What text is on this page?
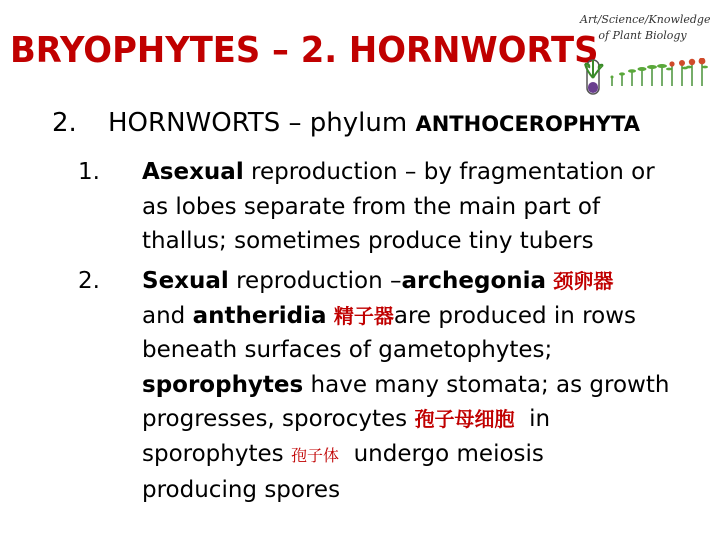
BRYOPHYTES – 2. HORNWORTS
Art/Science/Knowledge
of Plant Biology
2. HORNWORTS – phylum ANTHOCEROPHYTA
1.	Asexual reproduction – by fragmentation or
as lobes separate from the main part of
thallus; sometimes produce tiny tubers
2.	Sexual reproduction –archegonia 颈卵器
and antheridia 精子器are produced in rows
beneath surfaces of gametophytes;
sporophytes have many stomata; as growth
progresses, sporocytes 孢子母细胞  in
sporophytes 孢子体  undergo meiosis
producing spores
